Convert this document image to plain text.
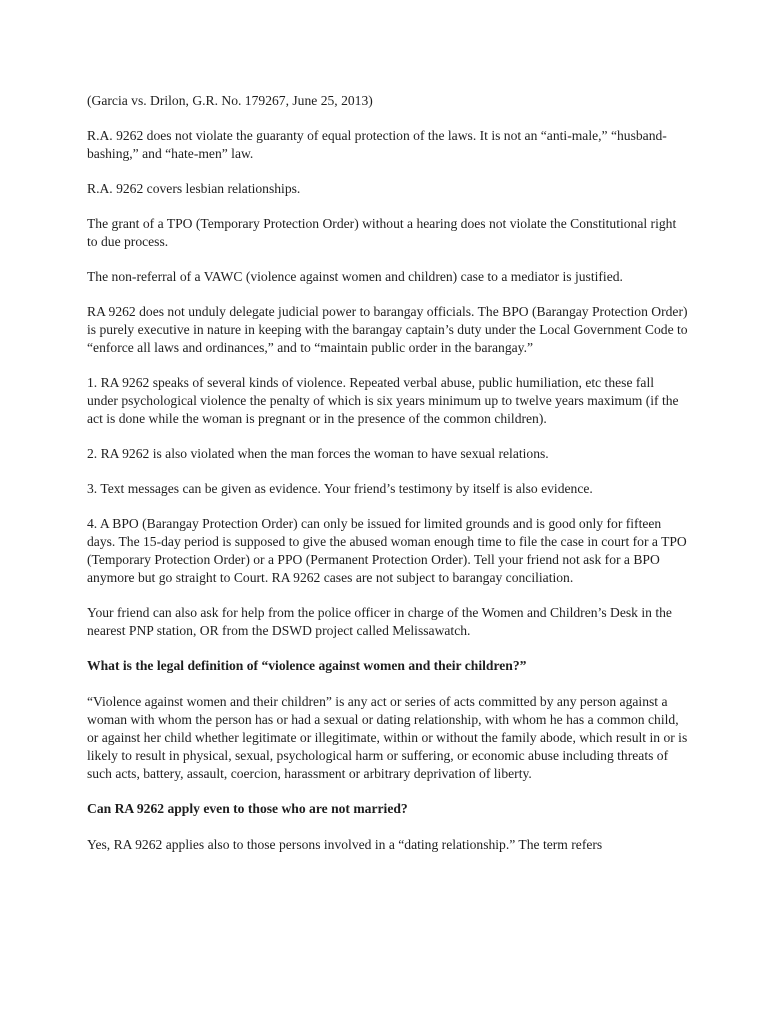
(Garcia vs. Drilon, G.R. No. 179267, June 25, 2013)

R.A. 9262 does not violate the guaranty of equal protection of the laws. It is not an “anti-male,” “husband-bashing,” and “hate-men” law.

R.A. 9262 covers lesbian relationships.

The grant of a TPO (Temporary Protection Order) without a hearing does not violate the Constitutional right to due process.

The non-referral of a VAWC (violence against women and children) case to a mediator is justified.

RA 9262 does not unduly delegate judicial power to barangay officials. The BPO (Barangay Protection Order) is purely executive in nature in keeping with the barangay captain’s duty under the Local Government Code to “enforce all laws and ordinances,” and to “maintain public order in the barangay.”

1. RA 9262 speaks of several kinds of violence. Repeated verbal abuse, public humiliation, etc these fall under psychological violence the penalty of which is six years minimum up to twelve years maximum (if the act is done while the woman is pregnant or in the presence of the common children).

2. RA 9262 is also violated when the man forces the woman to have sexual relations.

3. Text messages can be given as evidence. Your friend’s testimony by itself is also evidence.

4. A BPO (Barangay Protection Order) can only be issued for limited grounds and is good only for fifteen days. The 15-day period is supposed to give the abused woman enough time to file the case in court for a TPO (Temporary Protection Order) or a PPO (Permanent Protection Order). Tell your friend not ask for a BPO anymore but go straight to Court. RA 9262 cases are not subject to barangay conciliation.

Your friend can also ask for help from the police officer in charge of the Women and Children’s Desk in the nearest PNP station, OR from the DSWD project called Melissawatch.

What is the legal definition of “violence against women and their children?”

“Violence against women and their children” is any act or series of acts committed by any person against a woman with whom the person has or had a sexual or dating relationship, with whom he has a common child, or against her child whether legitimate or illegitimate, within or without the family abode, which result in or is likely to result in physical, sexual, psychological harm or suffering, or economic abuse including threats of such acts, battery, assault, coercion, harassment or arbitrary deprivation of liberty.

Can RA 9262 apply even to those who are not married?

Yes, RA 9262 applies also to those persons involved in a “dating relationship.” The term refers
